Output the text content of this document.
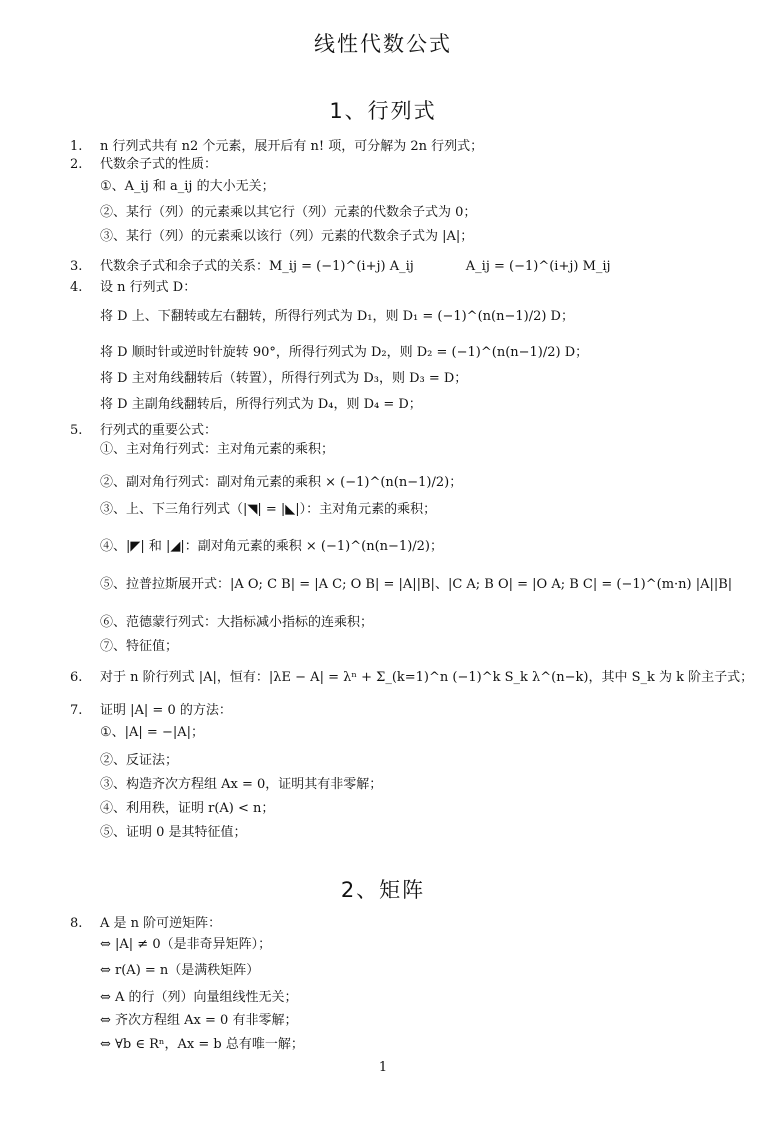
线性代数公式
1、行列式
1. n 行列式共有 n2 个元素，展开后有 n! 项，可分解为 2n 行列式；
2. 代数余子式的性质：
①、A_ij 和 a_ij 的大小无关；
②、某行（列）的元素乘以其它行（列）元素的代数余子式为 0；
③、某行（列）的元素乘以该行（列）元素的代数余子式为 |A|；
3. 代数余子式和余子式的关系：M_ij = (−1)^(i+j) A_ij　　　　A_ij = (−1)^(i+j) M_ij
4. 设 n 行列式 D：
将 D 上、下翻转或左右翻转，所得行列式为 D₁，则 D₁ = (−1)^(n(n−1)/2) D；
将 D 顺时针或逆时针旋转 90°，所得行列式为 D₂，则 D₂ = (−1)^(n(n−1)/2) D；
将 D 主对角线翻转后（转置），所得行列式为 D₃，则 D₃ = D；
将 D 主副角线翻转后，所得行列式为 D₄，则 D₄ = D；
5. 行列式的重要公式：
①、主对角行列式：主对角元素的乘积；
②、副对角行列式：副对角元素的乘积 × (−1)^(n(n−1)/2)；
③、上、下三角行列式（|◥| = |◣|）：主对角元素的乘积；
④、|◤| 和 |◢|：副对角元素的乘积 × (−1)^(n(n−1)/2)；
⑤、拉普拉斯展开式：|A O; C B| = |A C; O B| = |A||B|、|C A; B O| = |O A; B C| = (−1)^(m·n) |A||B|
⑥、范德蒙行列式：大指标减小指标的连乘积；
⑦、特征值；
6. 对于 n 阶行列式 |A|，恒有：|λE − A| = λⁿ + Σ_(k=1)^n (−1)^k S_k λ^(n−k)，其中 S_k 为 k 阶主子式；
7. 证明 |A| = 0 的方法：
①、|A| = −|A|；
②、反证法；
③、构造齐次方程组 Ax = 0，证明其有非零解；
④、利用秩，证明 r(A) < n；
⑤、证明 0 是其特征值；
2、矩阵
8. A 是 n 阶可逆矩阵：
⇔ |A| ≠ 0（是非奇异矩阵）；
⇔ r(A) = n（是满秩矩阵）
⇔ A 的行（列）向量组线性无关；
⇔ 齐次方程组 Ax = 0 有非零解；
⇔ ∀b ∈ Rⁿ，Ax = b 总有唯一解；
1
